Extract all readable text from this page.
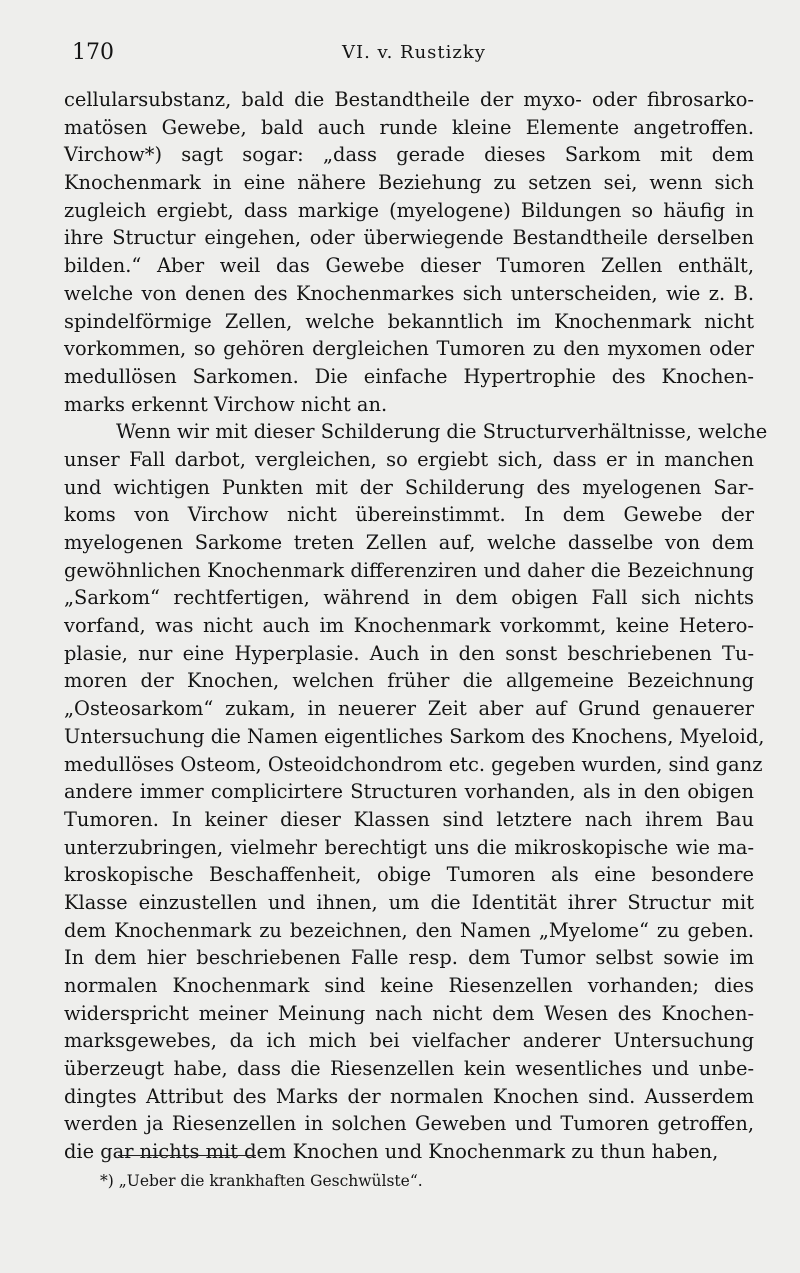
170	VI. v. Rustizky
cellularsubstanz, bald die Bestandtheile der myxo- oder fibrosarko-
matösen Gewebe, bald auch runde kleine Elemente angetroffen.
Virchow*) sagt sogar: „dass gerade dieses Sarkom mit dem
Knochenmark in eine nähere Beziehung zu setzen sei, wenn sich
zugleich ergiebt, dass markige (myelogene) Bildungen so häufig in
ihre Structur eingehen, oder überwiegende Bestandtheile derselben
bilden.“ Aber weil das Gewebe dieser Tumoren Zellen enthält,
welche von denen des Knochenmarkes sich unterscheiden, wie z. B.
spindelförmige Zellen, welche bekanntlich im Knochenmark nicht
vorkommen, so gehören dergleichen Tumoren zu den myxomen oder
medullösen Sarkomen. Die einfache Hypertrophie des Knochen-
marks erkennt Virchow nicht an.
Wenn wir mit dieser Schilderung die Structurverhältnisse, welche
unser Fall darbot, vergleichen, so ergiebt sich, dass er in manchen
und wichtigen Punkten mit der Schilderung des myelogenen Sar-
koms von Virchow nicht übereinstimmt. In dem Gewebe der
myelogenen Sarkome treten Zellen auf, welche dasselbe von dem
gewöhnlichen Knochenmark differenziren und daher die Bezeichnung
„Sarkom“ rechtfertigen, während in dem obigen Fall sich nichts
vorfand, was nicht auch im Knochenmark vorkommt, keine Hetero-
plasie, nur eine Hyperplasie. Auch in den sonst beschriebenen Tu-
moren der Knochen, welchen früher die allgemeine Bezeichnung
„Osteosarkom“ zukam, in neuerer Zeit aber auf Grund genauerer
Untersuchung die Namen eigentliches Sarkom des Knochens, Myeloid,
medullöses Osteom, Osteoidchondrom etc. gegeben wurden, sind ganz
andere immer complicirtere Structuren vorhanden, als in den obigen
Tumoren. In keiner dieser Klassen sind letztere nach ihrem Bau
unterzubringen, vielmehr berechtigt uns die mikroskopische wie ma-
kroskopische Beschaffenheit, obige Tumoren als eine besondere
Klasse einzustellen und ihnen, um die Identität ihrer Structur mit
dem Knochenmark zu bezeichnen, den Namen „Myelome“ zu geben.
In dem hier beschriebenen Falle resp. dem Tumor selbst sowie im
normalen Knochenmark sind keine Riesenzellen vorhanden; dies
widerspricht meiner Meinung nach nicht dem Wesen des Knochen-
marksgewebes, da ich mich bei vielfacher anderer Untersuchung
überzeugt habe, dass die Riesenzellen kein wesentliches und unbe-
dingtes Attribut des Marks der normalen Knochen sind. Ausserdem
werden ja Riesenzellen in solchen Geweben und Tumoren getroffen,
die gar nichts mit dem Knochen und Knochenmark zu thun haben,
*) „Ueber die krankhaften Geschwülste“.
